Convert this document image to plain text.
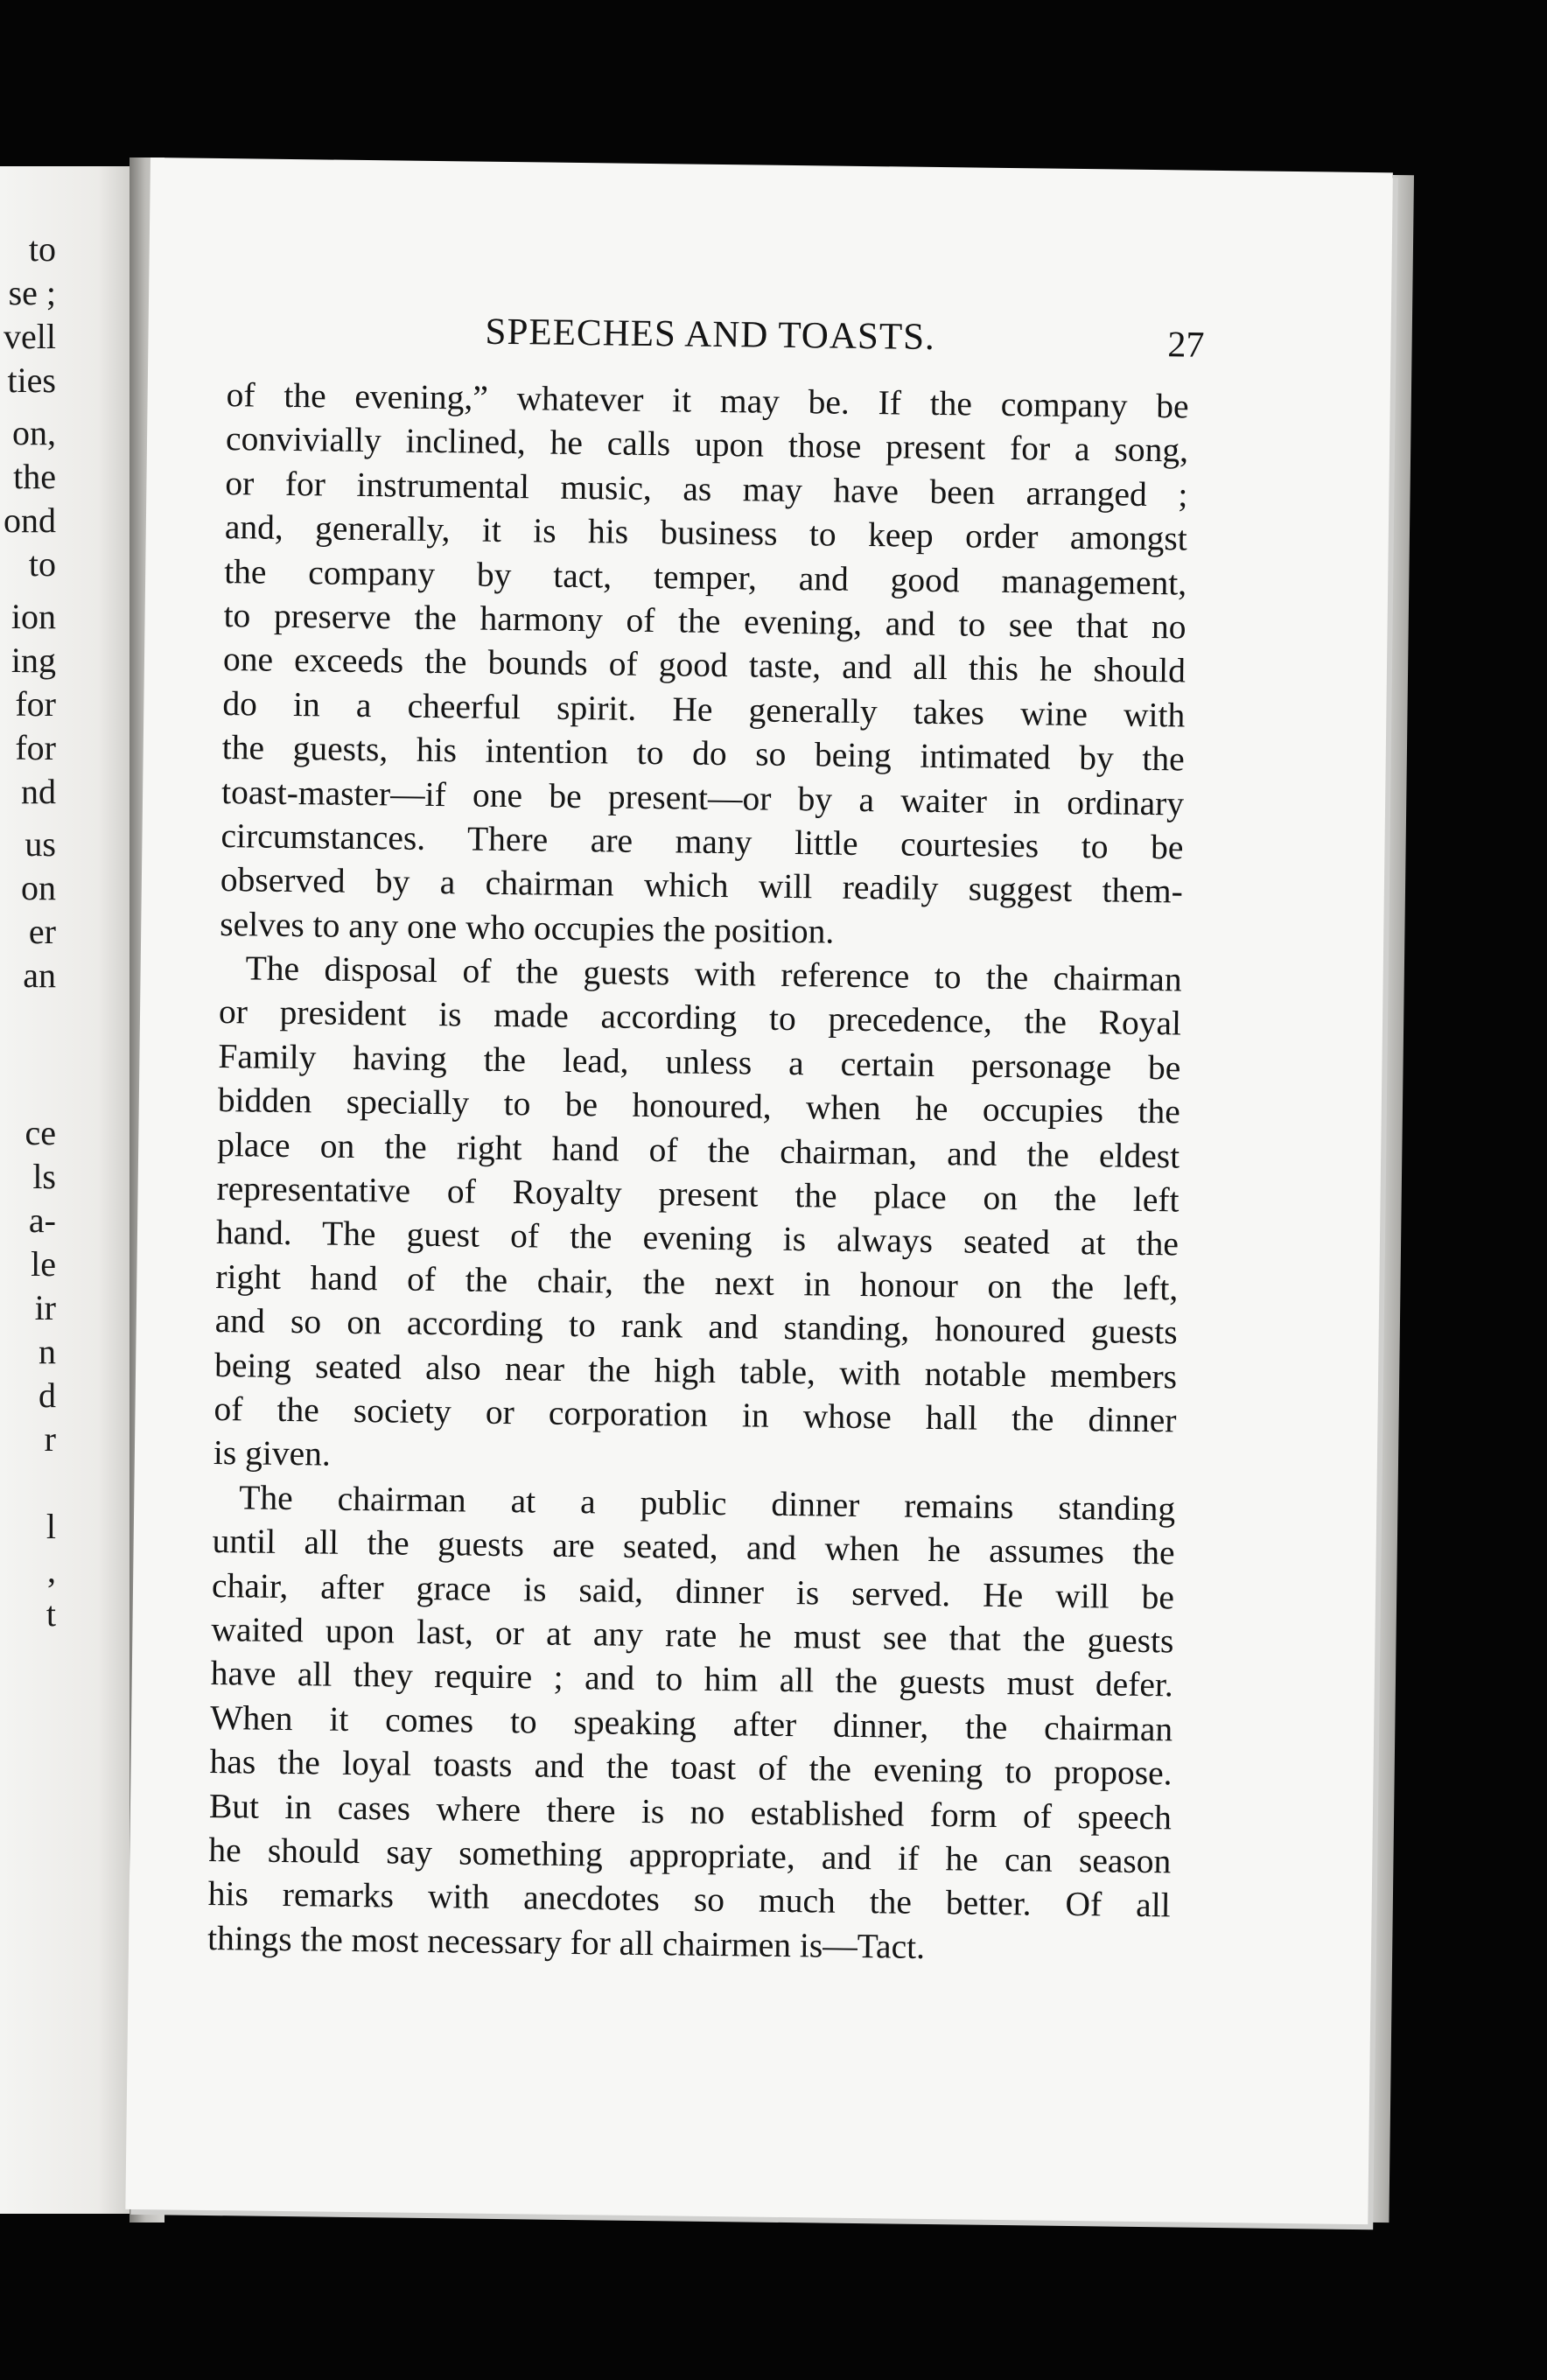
to
se ;
vell
ties
on,
the
ond
to
ion
ing
for
for
nd
us
on
er
an
ce
ls
a-
le
ir
n
d
r
l
,
t
SPEECHES AND TOASTS.	27
of the evening,” whatever it may be. If the company be
convivially inclined, he calls upon those present for a song,
or for instrumental music, as may have been arranged ;
and, generally, it is his business to keep order amongst
the company by tact, temper, and good management,
to preserve the harmony of the evening, and to see that no
one exceeds the bounds of good taste, and all this he should
do in a cheerful spirit. He generally takes wine with
the guests, his intention to do so being intimated by the
toast-master—if one be present—or by a waiter in ordinary
circumstances. There are many little courtesies to be
observed by a chairman which will readily suggest them-
selves to any one who occupies the position.
The disposal of the guests with reference to the chairman
or president is made according to precedence, the Royal
Family having the lead, unless a certain personage be
bidden specially to be honoured, when he occupies the
place on the right hand of the chairman, and the eldest
representative of Royalty present the place on the left
hand. The guest of the evening is always seated at the
right hand of the chair, the next in honour on the left,
and so on according to rank and standing, honoured guests
being seated also near the high table, with notable members
of the society or corporation in whose hall the dinner
is given.
The chairman at a public dinner remains standing
until all the guests are seated, and when he assumes the
chair, after grace is said, dinner is served. He will be
waited upon last, or at any rate he must see that the guests
have all they require ; and to him all the guests must defer.
When it comes to speaking after dinner, the chairman
has the loyal toasts and the toast of the evening to propose.
But in cases where there is no established form of speech
he should say something appropriate, and if he can season
his remarks with anecdotes so much the better. Of all
things the most necessary for all chairmen is—Tact.
